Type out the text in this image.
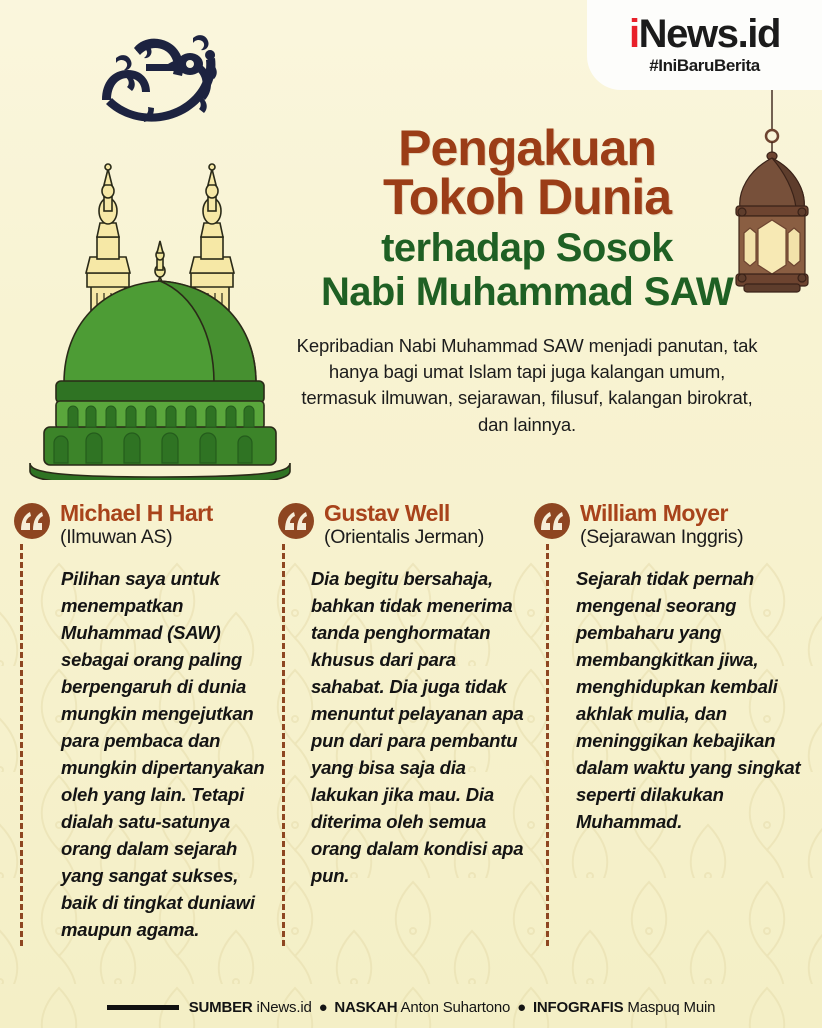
iNews.id
#IniBaruBerita
Pengakuan
Tokoh Dunia
terhadap Sosok
Nabi Muhammad SAW
Kepribadian Nabi Muhammad SAW menjadi panutan, tak hanya bagi umat Islam tapi juga kalangan umum, termasuk ilmuwan, sejarawan, filusuf, kalangan birokrat, dan lainnya.
Michael H Hart
(Ilmuwan AS)
Pilihan saya untuk menempatkan Muhammad (SAW) sebagai orang paling berpengaruh di dunia mungkin mengejutkan para pembaca dan mungkin dipertanyakan oleh yang lain. Tetapi dialah satu-satunya orang dalam sejarah yang sangat sukses, baik di tingkat duniawi maupun agama.
Gustav Well
(Orientalis Jerman)
Dia begitu bersahaja, bahkan tidak menerima tanda penghormatan khusus dari para sahabat. Dia juga tidak menuntut pelayanan apa pun dari para pembantu yang bisa saja dia lakukan jika mau. Dia diterima oleh semua orang dalam kondisi apa pun.
William Moyer
(Sejarawan Inggris)
Sejarah tidak pernah mengenal seorang pembaharu yang membangkitkan jiwa, menghidupkan kembali akhlak mulia, dan meninggikan kebajikan dalam waktu yang singkat seperti dilakukan Muhammad.
SUMBER iNews.id ● NASKAH Anton Suhartono ● INFOGRAFIS Maspuq Muin
